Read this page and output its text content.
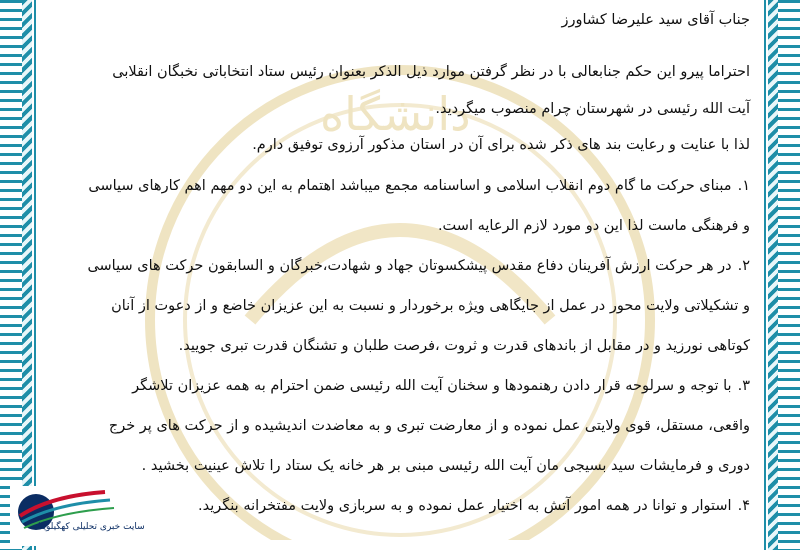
دانشگاه

جناب آقای سید علیرضا کشاورز

احتراما پیرو این حکم جنابعالی با در نظر گرفتن موارد ذیل الذکر بعنوان رئیس ستاد انتخاباتی نخبگان انقلابی

آیت الله رئیسی در شهرستان چرام منصوب میگردید.

لذا با عنایت و رعایت بند های ذکر شده برای آن در استان مذکور آرزوی توفیق دارم.

۱.مبنای حرکت ما گام دوم انقلاب اسلامی و اساسنامه مجمع میباشد اهتمام به این دو مهم اهم کارهای سیاسی
و فرهنگی ماست لذا این دو مورد لازم الرعایه است.
۲.در هر حرکت ارزش آفرینان دفاع مقدس پیشکسوتان جهاد و شهادت،خبرگان و السابقون حرکت های سیاسی
و تشکیلاتی ولایت محور در عمل از جایگاهی ویژه برخوردار و نسبت به این عزیزان خاضع و از دعوت از آنان
کوتاهی نورزید و در مقابل از باندهای قدرت و ثروت ،فرصت طلبان و تشنگان قدرت تبری جویید.
۳.با توجه و سرلوحه قرار دادن رهنمودها و سخنان آیت الله رئیسی ضمن احترام به همه عزیزان تلاشگر
واقعی، مستقل، قوی ولایتی عمل نموده و از معارضت تبری و به معاضدت اندیشیده و از حرکت های پر خرج
دوری و فرمایشات سید بسیجی مان آیت الله رئیسی مبنی بر هر خانه یک ستاد را تلاش عینیت بخشید .
۴.استوار و توانا در همه امور آتش به اختیار عمل نموده و به سربازی ولایت مفتخرانه بنگرید.
سایت خبری تحلیلی کهگیلوینا
